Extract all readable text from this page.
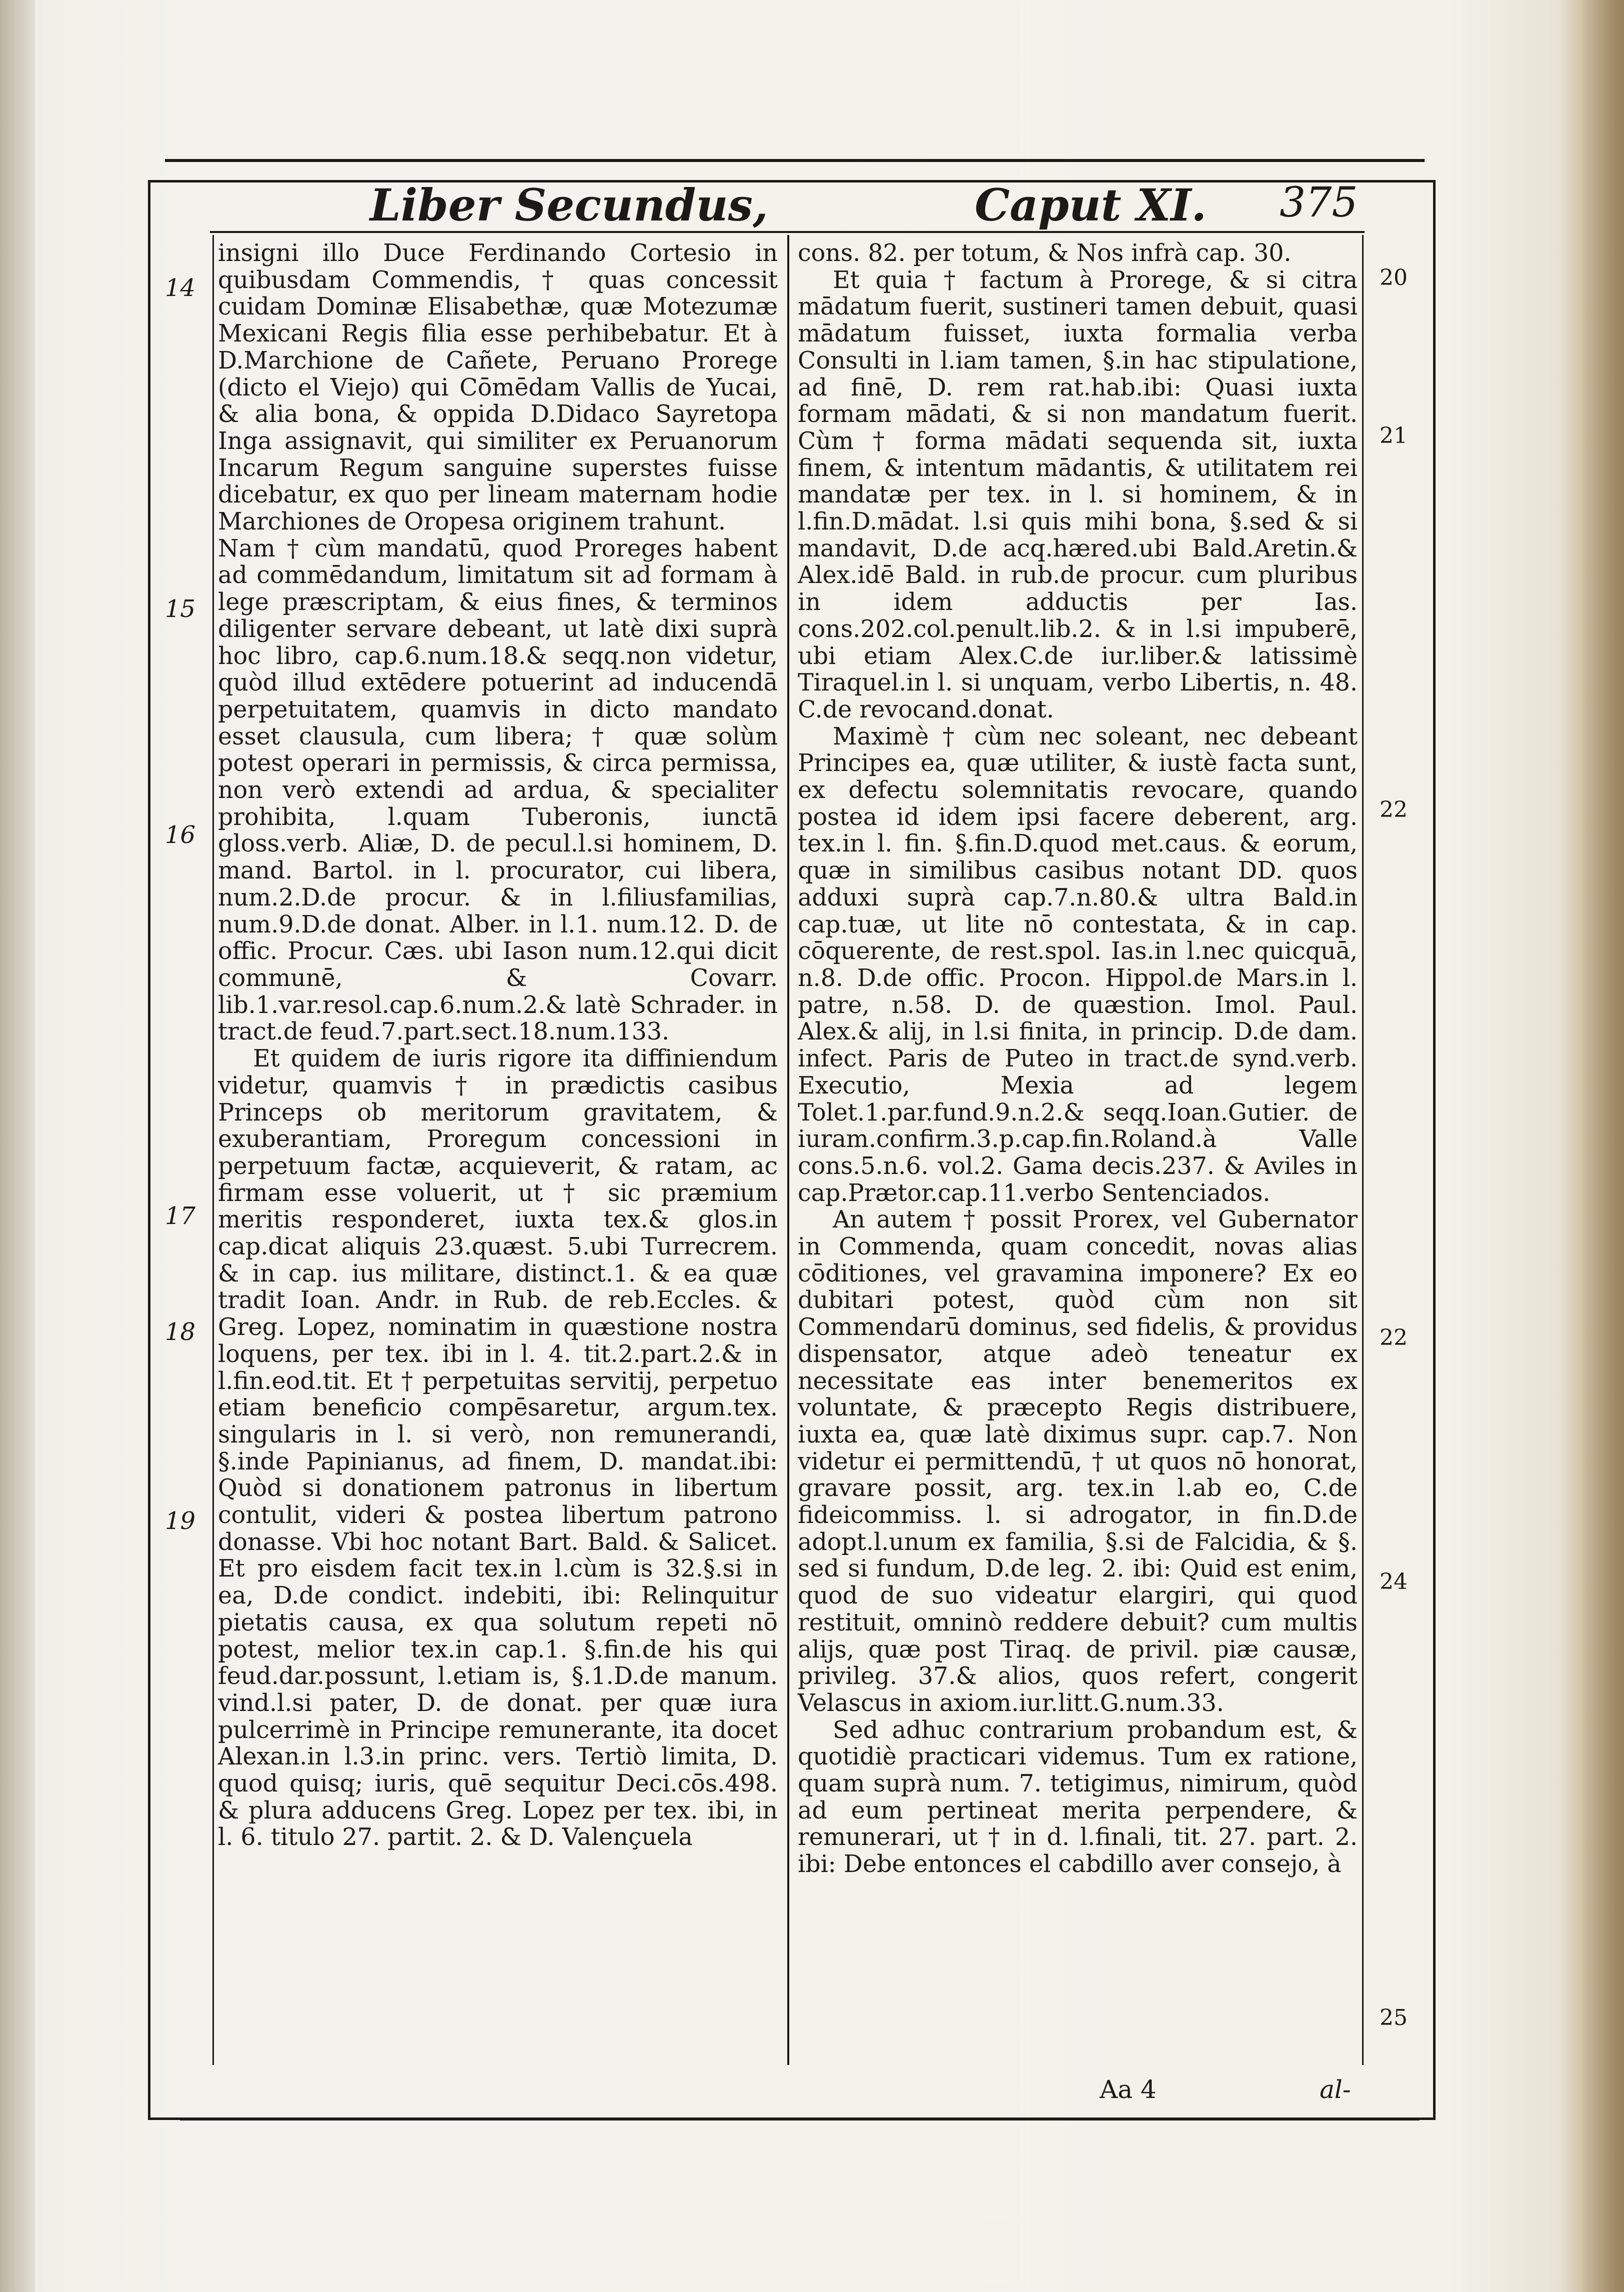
Liber Secundus,	Caput XI. 375
14
15
16
17
18
19
20
21
22
22
24
25

insigni illo Duce Ferdinando Cortesio in quibusdam Commendis, † quas concessit cuidam Dominæ Elisabethæ, quæ Motezumæ Mexicani Regis filia esse perhibebatur. Et à D.Marchione de Cañete, Peruano Prorege (dicto el Viejo) qui Cōmēdam Vallis de Yucai, & alia bona, & oppida D.Didaco Sayretopa Inga assignavit, qui similiter ex Peruanorum Incarum Regum sanguine superstes fuisse dicebatur, ex quo per lineam maternam hodie Marchiones de Oropesa originem trahunt.

Nam † cùm mandatū, quod Proreges habent ad commēdandum, limitatum sit ad formam à lege præscriptam, & eius fines, & terminos diligenter servare debeant, ut latè dixi suprà hoc libro, cap.6.num.18.& seqq.non videtur, quòd illud extēdere potuerint ad inducendā perpetuitatem, quamvis in dicto mandato esset clausula, cum libera; † quæ solùm potest operari in permissis, & circa permissa, non verò extendi ad ardua, & specialiter prohibita, l.quam Tuberonis, iunctā gloss.verb. Aliæ, D. de pecul.l.si hominem, D. mand. Bartol. in l. procurator, cui libera, num.2.D.de procur. & in l.filiusfamilias, num.9.D.de donat. Alber. in l.1. num.12. D. de offic. Procur. Cæs. ubi Iason num.12.qui dicit communē, & Covarr. lib.1.var.resol.cap.6.num.2.& latè Schrader. in tract.de feud.7.part.sect.18.num.133.

Et quidem de iuris rigore ita diffiniendum videtur, quamvis † in prædictis casibus Princeps ob meritorum gravitatem, & exuberantiam, Proregum concessioni in perpetuum factæ, acquieverit, & ratam, ac firmam esse voluerit, ut † sic præmium meritis responderet, iuxta tex.& glos.in cap.dicat aliquis 23.quæst. 5.ubi Turrecrem. & in cap. ius militare, distinct.1. & ea quæ tradit Ioan. Andr. in Rub. de reb.Eccles. & Greg. Lopez, nominatim in quæstione nostra loquens, per tex. ibi in l. 4. tit.2.part.2.& in l.fin.eod.tit. Et † perpetuitas servitij, perpetuo etiam beneficio compēsaretur, argum.tex. singularis in l. si verò, non remunerandi, §.inde Papinianus, ad finem, D. mandat.ibi: Quòd si donationem patronus in libertum contulit, videri & postea libertum patrono donasse. Vbi hoc notant Bart. Bald. & Salicet. Et pro eisdem facit tex.in l.cùm is 32.§.si in ea, D.de condict. indebiti, ibi: Relinquitur pietatis causa, ex qua solutum repeti nō potest, melior tex.in cap.1. §.fin.de his qui feud.dar.possunt, l.etiam is, §.1.D.de manum. vind.l.si pater, D. de donat. per quæ iura pulcerrimè in Principe remunerante, ita docet Alexan.in l.3.in princ. vers. Tertiò limita, D. quod quisq; iuris, quē sequitur Deci.cōs.498. & plura adducens Greg. Lopez per tex. ibi, in l. 6. titulo 27. partit. 2. & D. Valençuela

cons. 82. per totum, & Nos infrà cap. 30.

Et quia † factum à Prorege, & si citra mādatum fuerit, sustineri tamen debuit, quasi mādatum fuisset, iuxta formalia verba Consulti in l.iam tamen, §.in hac stipulatione, ad finē, D. rem rat.hab.ibi: Quasi iuxta formam mādati, & si non mandatum fuerit. Cùm † forma mādati sequenda sit, iuxta finem, & intentum mādantis, & utilitatem rei mandatæ per tex. in l. si hominem, & in l.fin.D.mādat. l.si quis mihi bona, §.sed & si mandavit, D.de acq.hæred.ubi Bald.Aretin.& Alex.idē Bald. in rub.de procur. cum pluribus in idem adductis per Ias. cons.202.col.penult.lib.2. & in l.si impuberē, ubi etiam Alex.C.de iur.liber.& latissimè Tiraquel.in l. si unquam, verbo Libertis, n. 48. C.de revocand.donat.

Maximè † cùm nec soleant, nec debeant Principes ea, quæ utiliter, & iustè facta sunt, ex defectu solemnitatis revocare, quando postea id idem ipsi facere deberent, arg. tex.in l. fin. §.fin.D.quod met.caus. & eorum, quæ in similibus casibus notant DD. quos adduxi suprà cap.7.n.80.& ultra Bald.in cap.tuæ, ut lite nō contestata, & in cap. cōquerente, de rest.spol. Ias.in l.nec quicquā, n.8. D.de offic. Procon. Hippol.de Mars.in l. patre, n.58. D. de quæstion. Imol. Paul. Alex.& alij, in l.si finita, in princip. D.de dam. infect. Paris de Puteo in tract.de synd.verb. Executio, Mexia ad legem Tolet.1.par.fund.9.n.2.& seqq.Ioan.Gutier. de iuram.confirm.3.p.cap.fin.Roland.à Valle cons.5.n.6. vol.2. Gama decis.237. & Aviles in cap.Prætor.cap.11.verbo Sentenciados.

An autem † possit Prorex, vel Gubernator in Commenda, quam concedit, novas alias cōditiones, vel gravamina imponere? Ex eo dubitari potest, quòd cùm non sit Commendarū dominus, sed fidelis, & providus dispensator, atque adeò teneatur ex necessitate eas inter benemeritos ex voluntate, & præcepto Regis distribuere, iuxta ea, quæ latè diximus supr. cap.7. Non videtur ei permittendū, † ut quos nō honorat, gravare possit, arg. tex.in l.ab eo, C.de fideicommiss. l. si adrogator, in fin.D.de adopt.l.unum ex familia, §.si de Falcidia, & §. sed si fundum, D.de leg. 2. ibi: Quid est enim, quod de suo videatur elargiri, qui quod restituit, omninò reddere debuit? cum multis alijs, quæ post Tiraq. de privil. piæ causæ, privileg. 37.& alios, quos refert, congerit Velascus in axiom.iur.litt.G.num.33.

Sed adhuc contrarium probandum est, & quotidiè practicari videmus. Tum ex ratione, quam suprà num. 7. tetigimus, nimirum, quòd ad eum pertineat merita perpendere, & remunerari, ut † in d. l.finali, tit. 27. part. 2. ibi: Debe entonces el cabdillo aver consejo, à

Aa 4	al-
